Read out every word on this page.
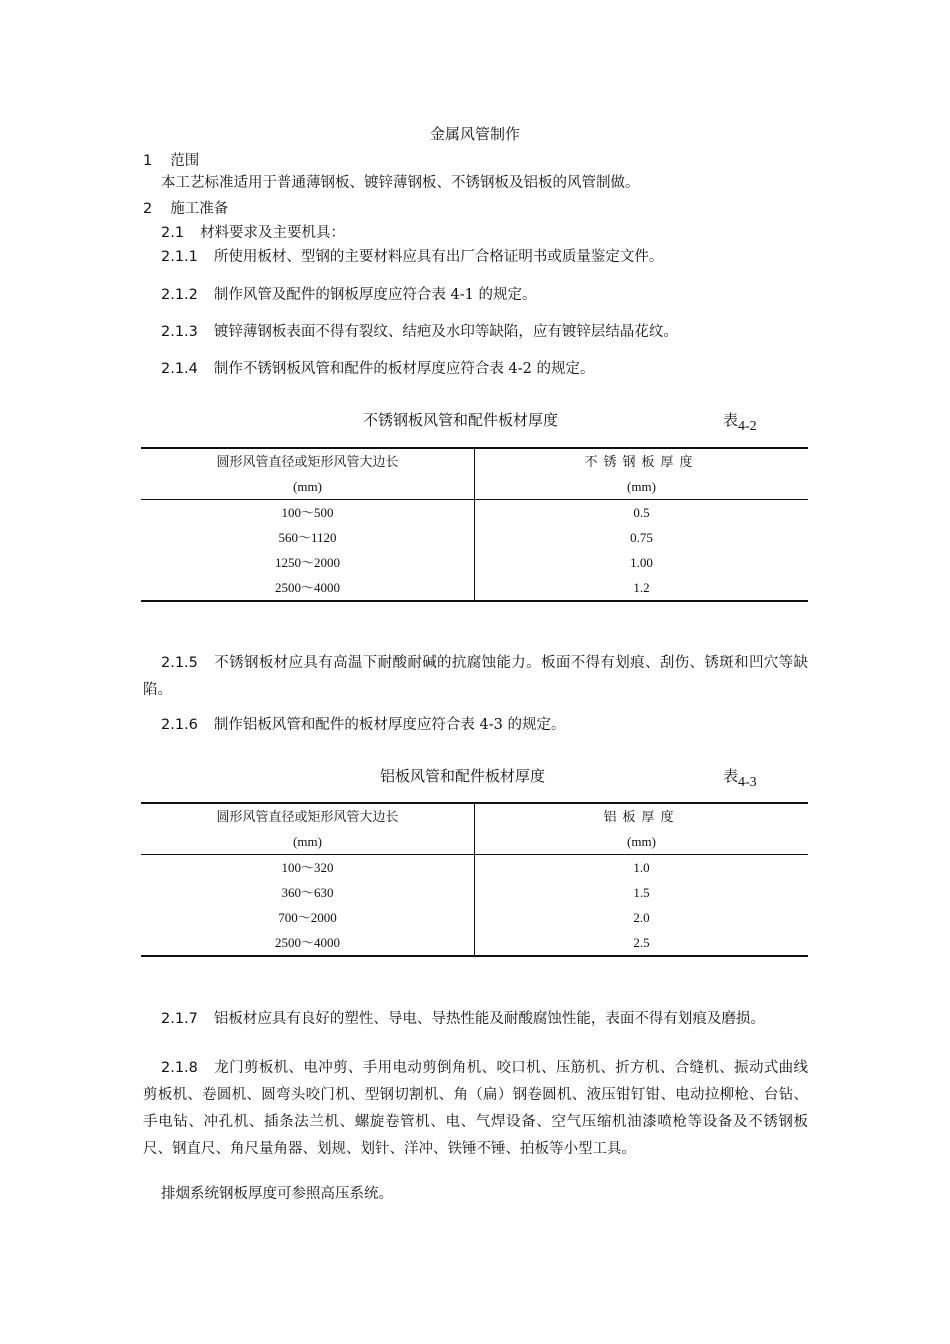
金属风管制作
1 范围
本工艺标准适用于普通薄钢板、镀锌薄钢板、不锈钢板及铝板的风管制做。
2 施工准备
2.1 材料要求及主要机具：
2.1.1 所使用板材、型钢的主要材料应具有出厂合格证明书或质量鉴定文件。
2.1.2 制作风管及配件的钢板厚度应符合表 4-1 的规定。
2.1.3 镀锌薄钢板表面不得有裂纹、结疤及水印等缺陷，应有镀锌层结晶花纹。
2.1.4 制作不锈钢板风管和配件的板材厚度应符合表 4-2 的规定。
不锈钢板风管和配件板材厚度	表$_{4-2}$
圆形风管直径或矩形风管大边长	不锈钢板厚度
(mm)	(mm)
100～500	0.5
560～1120	0.75
1250～2000	1.00
2500～4000	1.2
2.1.5 不锈钢板材应具有高温下耐酸耐碱的抗腐蚀能力。板面不得有划痕、刮伤、锈斑和凹穴等缺陷。
2.1.6 制作铝板风管和配件的板材厚度应符合表 4-3 的规定。
铝板风管和配件板材厚度	表$_{4-3}$
圆形风管直径或矩形风管大边长	铝板厚度
(mm)	(mm)
100～320	1.0
360～630	1.5
700～2000	2.0
2500～4000	2.5
2.1.7 铝板材应具有良好的塑性、导电、导热性能及耐酸腐蚀性能，表面不得有划痕及磨损。
2.1.8 龙门剪板机、电冲剪、手用电动剪倒角机、咬口机、压筋机、折方机、合缝机、振动式曲线剪板机、卷圆机、圆弯头咬门机、型钢切割机、角（扁）钢卷圆机、液压钳钉钳、电动拉柳枪、台钻、手电钻、冲孔机、插条法兰机、螺旋卷管机、电、气焊设备、空气压缩机油漆喷枪等设备及不锈钢板尺、钢直尺、角尺量角器、划规、划针、洋冲、铁锤不锤、拍板等小型工具。
排烟系统钢板厚度可参照高压系统。
